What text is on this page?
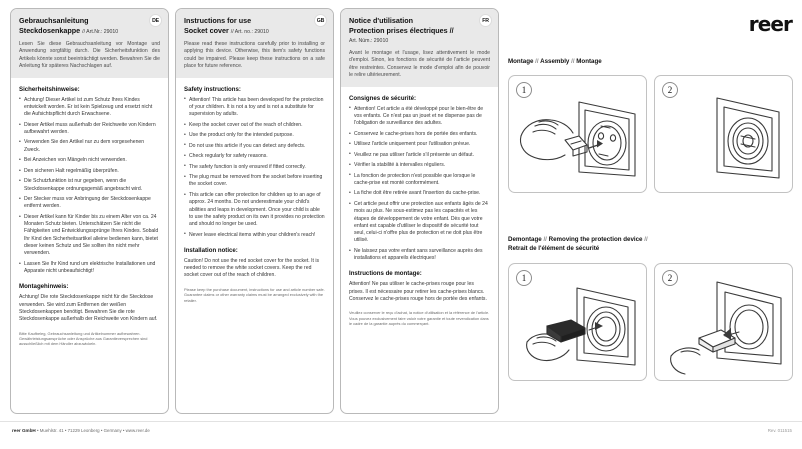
DE
Gebrauchsanleitung
Steckdosenkappe // Art.Nr.: 29010

Lesen Sie diese Gebrauchsanleitung vor Montage und Anwendung sorgfältig durch. Die Sicherheitsfunktion des Artikels könnte sonst beeinträchtigt werden. Bewahren Sie die Anleitung für späteres Nachschlagen auf.

Sicherheitshinweise:
• Achtung! Dieser Artikel ist zum Schutz Ihres Kindes entwickelt worden. Er ist kein Spielzeug und ersetzt nicht die Aufsichtspflicht durch Erwachsene.
• Dieser Artikel muss außerhalb der Reichweite von Kindern aufbewahrt werden.
• Verwenden Sie den Artikel nur zu dem vorgesehenen Zweck.
• Bei Anzeichen von Mängeln nicht verwenden.
• Den sicheren Halt regelmäßig überprüfen.
• Die Schutzfunktion ist nur gegeben, wenn die Steckdosenkappe ordnungsgemäß angebracht wird.
• Der Stecker muss vor Anbringung der Steckdosenkappe entfernt werden.
• Dieser Artikel kann für Kinder bis zu einem Alter von ca. 24 Monaten Schutz bieten. Unterschätzen Sie nicht die Fähigkeiten und Entwicklungssprünge Ihres Kindes. Sobald Ihr Kind den Sicherheitsartikel alleine bedienen kann, bietet dieser keinen Schutz und Sie sollten ihn nicht mehr verwenden.
• Lassen Sie Ihr Kind rund um elektrische Installationen und Apparate nicht unbeaufsichtigt!
Montagehinweis:

Achtung! Die rote Steckdosenkappe nicht für die Steckdose verwenden. Sie wird zum Entfernen der weißen Steckdosenkappen benötigt. Bewahren Sie die rote Steckdosenkappe außerhalb der Reichweite von Kindern auf.

Bitte Kaufbeleg, Gebrauchsanleitung und Artikelnummer aufbewahren. Gewährleistungsansprüche oder Ansprüche aus Garantieversprechen sind ausschließlich mit dem Händler abzuwickeln.

GB
Instructions for use
Socket cover // Art. no.: 29010

Please read these instructions carefully prior to installing or applying this device. Otherwise, this item's safety functions could be impaired. Please keep these instructions on a safe place for future reference.

Safety instructions:
• Attention! This article has been developed for the protection of your children. It is not a toy and is not a substitute for supervision by adults.
• Keep the socket cover out of the reach of children.
• Use the product only for the intended purpose.
• Do not use this article if you can detect any defects.
• Check regularly for safety reasons.
• The safety function is only ensured if fitted correctly.
• The plug must be removed from the socket before inserting the socket cover.
• This article can offer protection for children up to an age of approx. 24 months. Do not underestimate your child's abilities and leaps in development. Once your child is able to use the safety product on its own it provides no protection and should no longer be used.
• Never leave electrical items within your children's reach!
Installation notice:

Caution! Do not use the red socket cover for the socket. It is needed to remove the white socket covers. Keep the red socket cover out of the reach of children.

Please keep the purchase document, instructions for use and article number safe. Guarantee claims or other warranty claims must be arranged exclusively with the retailer.

FR
Notice d'utilisation
Protection prises électriques //
Art. Núm.: 29010

Avant le montage et l'usage, lisez attentivement le mode d'emploi. Sinon, les fonctions de sécurité de l'article peuvent être restreintes. Conservez le mode d'emploi afin de pouvoir le relire ultérieurement.

Consignes de sécurité:
• Attention! Cet article a été développé pour le bien-être de vos enfants. Ce n'est pas un jouet et ne dispense pas de l'obligation de surveillance des adultes.
• Conservez le cache-prises hors de portée des enfants.
• Utilisez l'article uniquement pour l'utilisation prévue.
• Veuillez ne pas utiliser l'article s'il présente un défaut.
• Vérifier la stabilité à intervalles réguliers.
• La fonction de protection n'est possible que lorsque le cache-prise est monté conformément.
• La fiche doit être retirée avant l'insertion du cache-prise.
• Cet article peut offrir une protection aux enfants âgés de 24 mois au plus. Ne sous-estimez pas les capacités et les étapes de développement de votre enfant. Dès que votre enfant est capable d'utiliser le dispositif de sécurité tout seul, celui-ci n'offre plus de protection et ne doit plus être utilisé.
• Ne laissez pas votre enfant sans surveillance auprès des installations et appareils électriques!
Instructions de montage:

Attention! Ne pas utiliser le cache-prises rouge pour les prises. Il est nécessaire pour retirer les cache-prises blancs. Conservez le cache-prises rouge hors de portée des enfants.

Veuillez conserver le reçu d'achat, la notice d'utilisation et la référence de l'article. Vous pouvez exclusivement faire valoir votre garantie et toute revendication dans le cadre de la garantie auprès du commerçant.

reer
Montage // Assembly // Montage
1	2
Demontage // Removing the protection device //
Retrait de l'élément de sécurité
1	2
reer GmbH • Muehlstr. 41 • 71229 Leonberg • Germany • www.reer.de	Rev. 011515
